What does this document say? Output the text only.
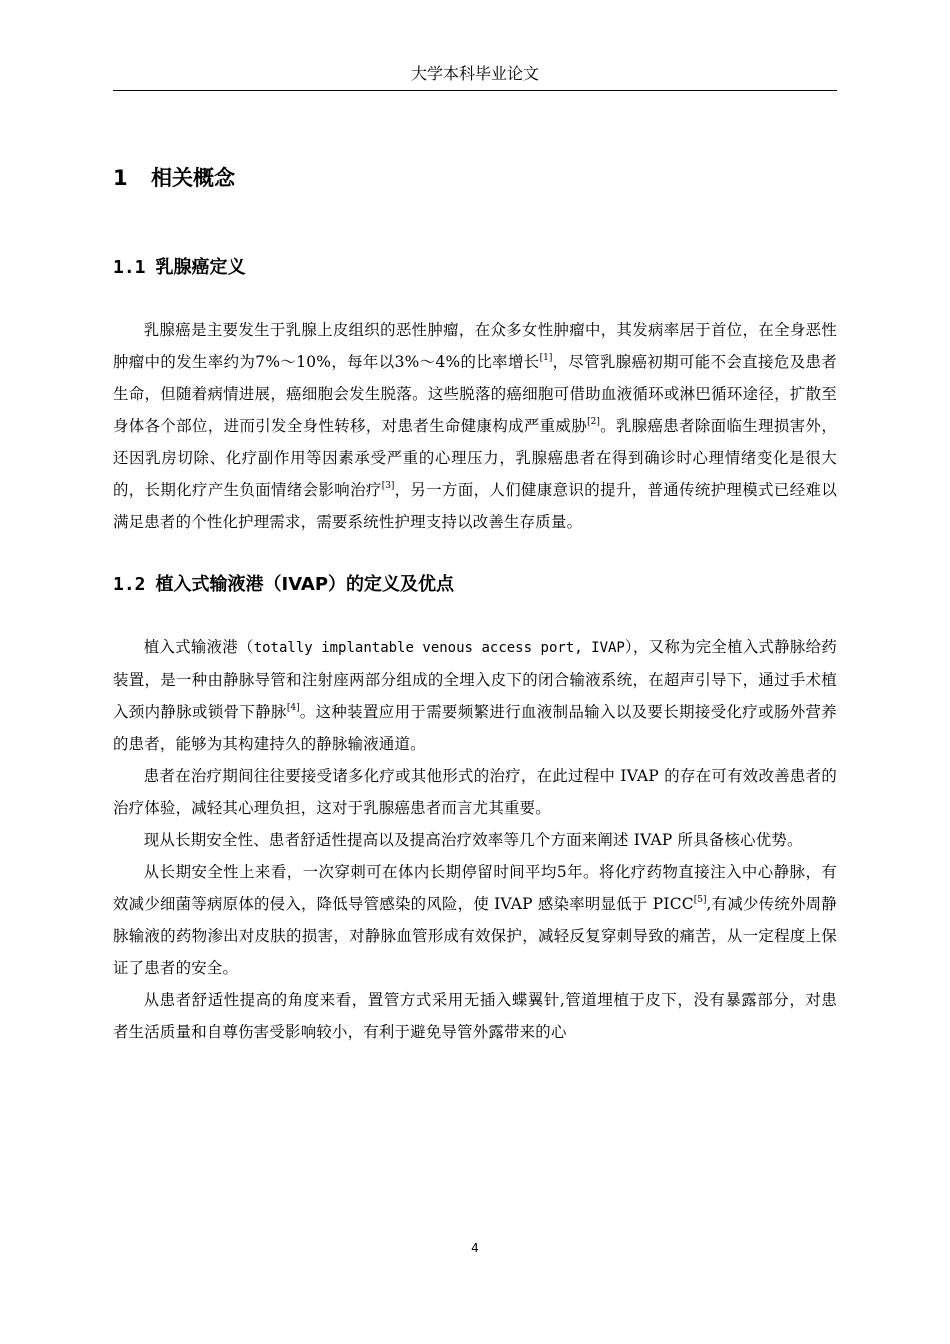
大学本科毕业论文
1 相关概念
1.1 乳腺癌定义

乳腺癌是主要发生于乳腺上皮组织的恶性肿瘤，在众多女性肿瘤中，其发病率居于首位，在全身恶性肿瘤中的发生率约为7%～10%，每年以3%～4%的比率增长[1]，尽管乳腺癌初期可能不会直接危及患者生命，但随着病情进展，癌细胞会发生脱落。这些脱落的癌细胞可借助血液循环或淋巴循环途径，扩散至身体各个部位，进而引发全身性转移，对患者生命健康构成严重威胁[2]。乳腺癌患者除面临生理损害外，还因乳房切除、化疗副作用等因素承受严重的心理压力，乳腺癌患者在得到确诊时心理情绪变化是很大的，长期化疗产生负面情绪会影响治疗[3]，另一方面，人们健康意识的提升，普通传统护理模式已经难以满足患者的个性化护理需求，需要系统性护理支持以改善生存质量。

1.2 植入式输液港（IVAP）的定义及优点

植入式输液港（totally implantable venous access port, IVAP），又称为完全植入式静脉给药装置，是一种由静脉导管和注射座两部分组成的全埋入皮下的闭合输液系统，在超声引导下，通过手术植入颈内静脉或锁骨下静脉[4]。这种装置应用于需要频繁进行血液制品输入以及要长期接受化疗或肠外营养的患者，能够为其构建持久的静脉输液通道。

患者在治疗期间往往要接受诸多化疗或其他形式的治疗，在此过程中 IVAP 的存在可有效改善患者的治疗体验，减轻其心理负担，这对于乳腺癌患者而言尤其重要。

现从长期安全性、患者舒适性提高以及提高治疗效率等几个方面来阐述 IVAP 所具备核心优势。

从长期安全性上来看，一次穿刺可在体内长期停留时间平均5年。将化疗药物直接注入中心静脉，有效减少细菌等病原体的侵入，降低导管感染的风险，使 IVAP 感染率明显低于 PICC[5],有减少传统外周静脉输液的药物渗出对皮肤的损害，对静脉血管形成有效保护，减轻反复穿刺导致的痛苦，从一定程度上保证了患者的安全。

从患者舒适性提高的角度来看，置管方式采用无插入蝶翼针,管道埋植于皮下，没有暴露部分，对患者生活质量和自尊伤害受影响较小，有利于避免导管外露带来的心

4
